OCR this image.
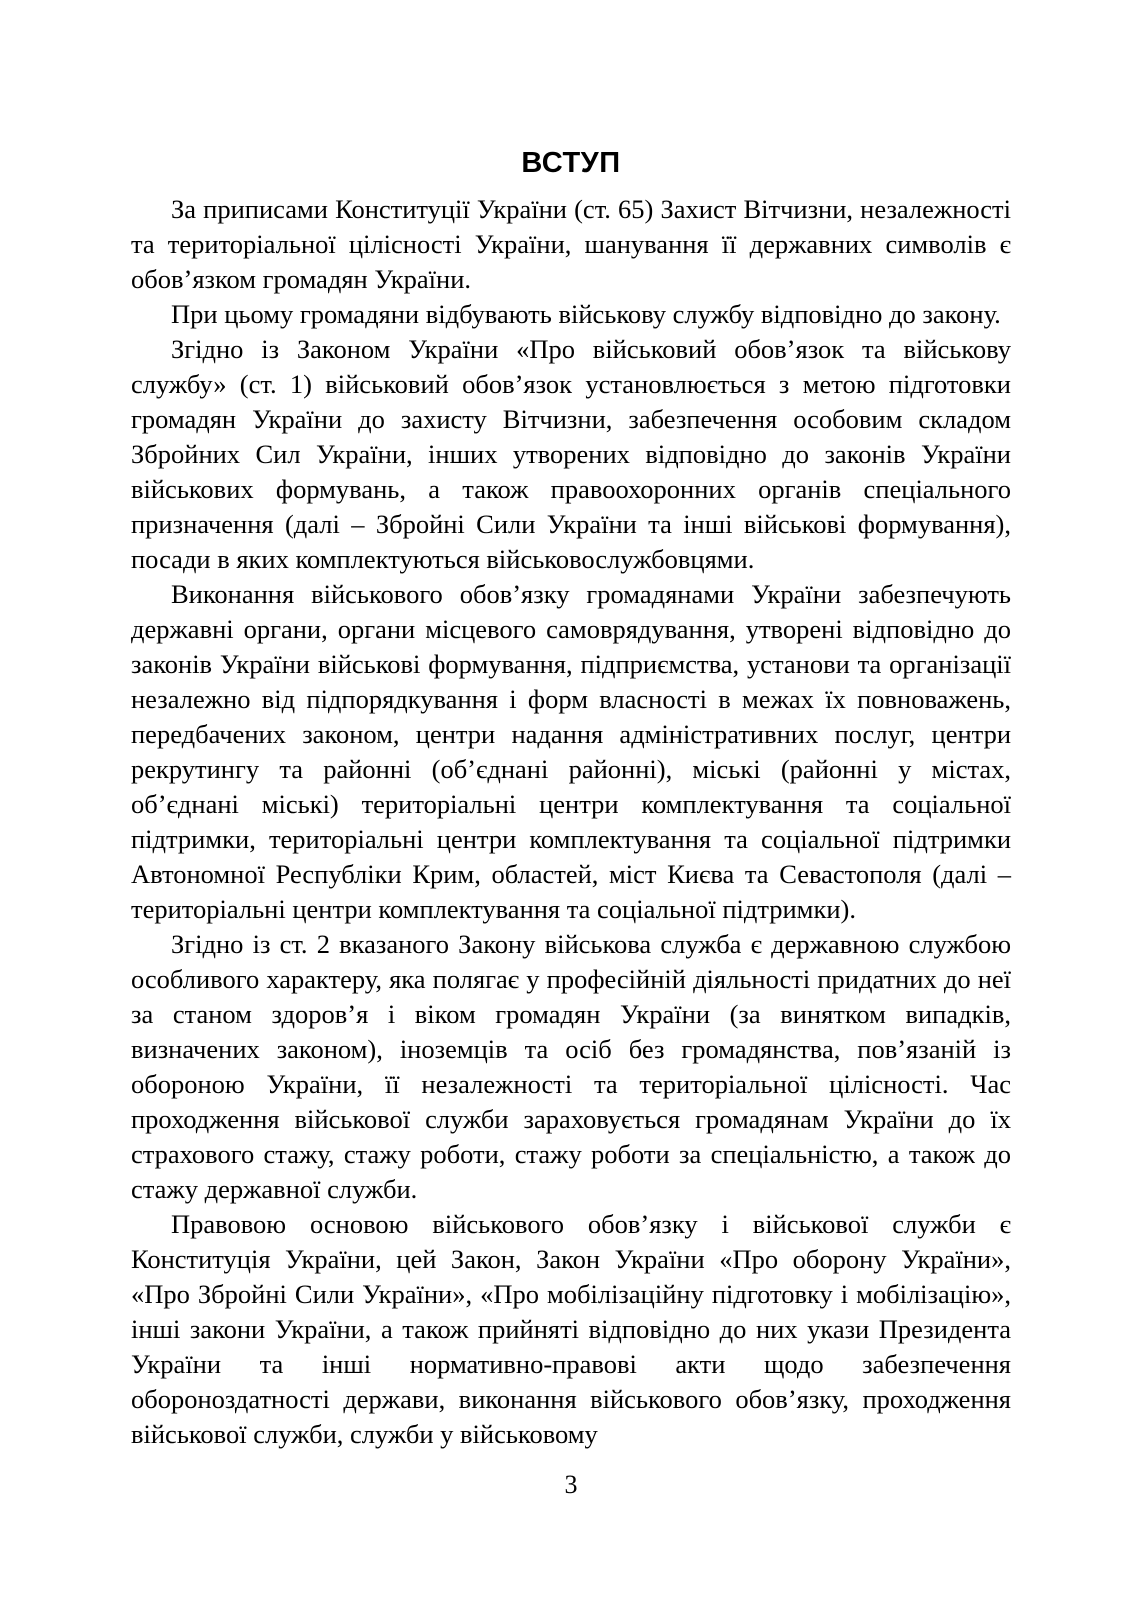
ВСТУП

За приписами Конституції України (ст. 65) Захист Вітчизни, незалежності та територіальної цілісності України, шанування її державних символів є обов’язком громадян України.

При цьому громадяни відбувають військову службу відповідно до закону.

Згідно із Законом України «Про військовий обов’язок та військову службу» (ст. 1) військовий обов’язок установлюється з метою підготовки громадян України до захисту Вітчизни, забезпечення особовим складом Збройних Сил України, інших утворених відповідно до законів України військових формувань, а також правоохоронних органів спеціального призначення (далі – Збройні Сили України та інші військові формування), посади в яких комплектуються військовослужбовцями.

Виконання військового обов’язку громадянами України забезпечують державні органи, органи місцевого самоврядування, утворені відповідно до законів України військові формування, підприємства, установи та організації незалежно від підпорядкування і форм власності в межах їх повноважень, передбачених законом, центри надання адміністративних послуг, центри рекрутингу та районні (об’єднані районні), міські (районні у містах, об’єднані міські) територіальні центри комплектування та соціальної підтримки, територіальні центри комплектування та соціальної підтримки Автономної Республіки Крим, областей, міст Києва та Севастополя (далі – територіальні центри комплектування та соціальної підтримки).

Згідно із ст. 2 вказаного Закону військова служба є державною службою особливого характеру, яка полягає у професійній діяльності придатних до неї за станом здоров’я і віком громадян України (за винятком випадків, визначених законом), іноземців та осіб без громадянства, пов’язаній із обороною України, її незалежності та територіальної цілісності. Час проходження військової служби зараховується громадянам України до їх страхового стажу, стажу роботи, стажу роботи за спеціальністю, а також до стажу державної служби.

Правовою основою військового обов’язку і військової служби є Конституція України, цей Закон, Закон України «Про оборону України», «Про Збройні Сили України», «Про мобілізаційну підготовку і мобілізацію», інші закони України, а також прийняті відповідно до них укази Президента України та інші нормативно-правові акти щодо забезпечення обороноздатності держави, виконання військового обов’язку, проходження військової служби, служби у військовому

3
